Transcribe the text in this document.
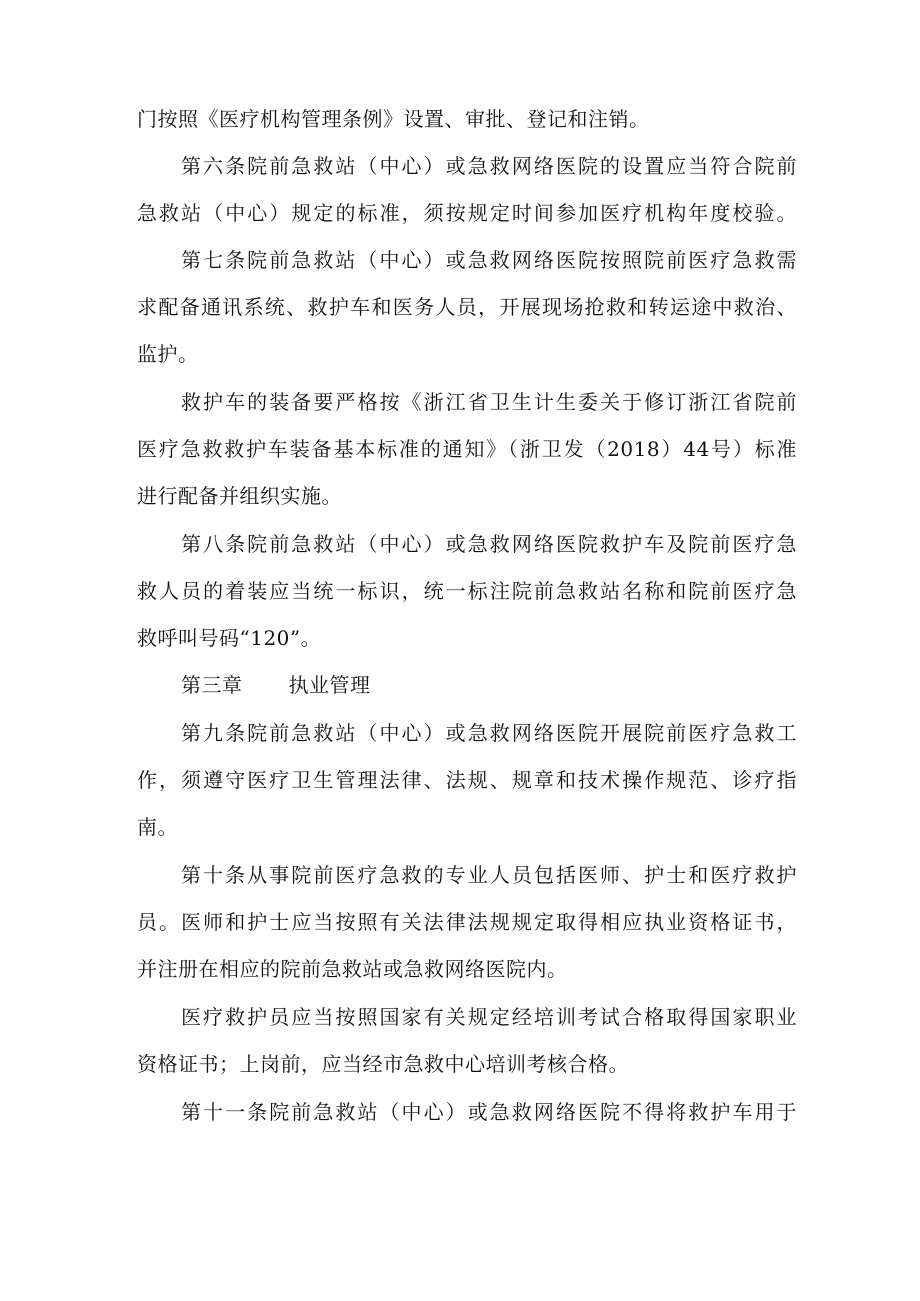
门按照《医疗机构管理条例》设置、审批、登记和注销。
第六条院前急救站（中心）或急救网络医院的设置应当符合院前
急救站（中心）规定的标准，须按规定时间参加医疗机构年度校验。
第七条院前急救站（中心）或急救网络医院按照院前医疗急救需
求配备通讯系统、救护车和医务人员，开展现场抢救和转运途中救治、
监护。
救护车的装备要严格按《浙江省卫生计生委关于修订浙江省院前
医疗急救救护车装备基本标准的通知》（浙卫发（2018）44号）标准
进行配备并组织实施。
第八条院前急救站（中心）或急救网络医院救护车及院前医疗急
救人员的着装应当统一标识，统一标注院前急救站名称和院前医疗急
救呼叫号码“120”。
第三章 执业管理
第九条院前急救站（中心）或急救网络医院开展院前医疗急救工
作，须遵守医疗卫生管理法律、法规、规章和技术操作规范、诊疗指
南。
第十条从事院前医疗急救的专业人员包括医师、护士和医疗救护
员。医师和护士应当按照有关法律法规规定取得相应执业资格证书，
并注册在相应的院前急救站或急救网络医院内。
医疗救护员应当按照国家有关规定经培训考试合格取得国家职业
资格证书；上岗前，应当经市急救中心培训考核合格。
第十一条院前急救站（中心）或急救网络医院不得将救护车用于
